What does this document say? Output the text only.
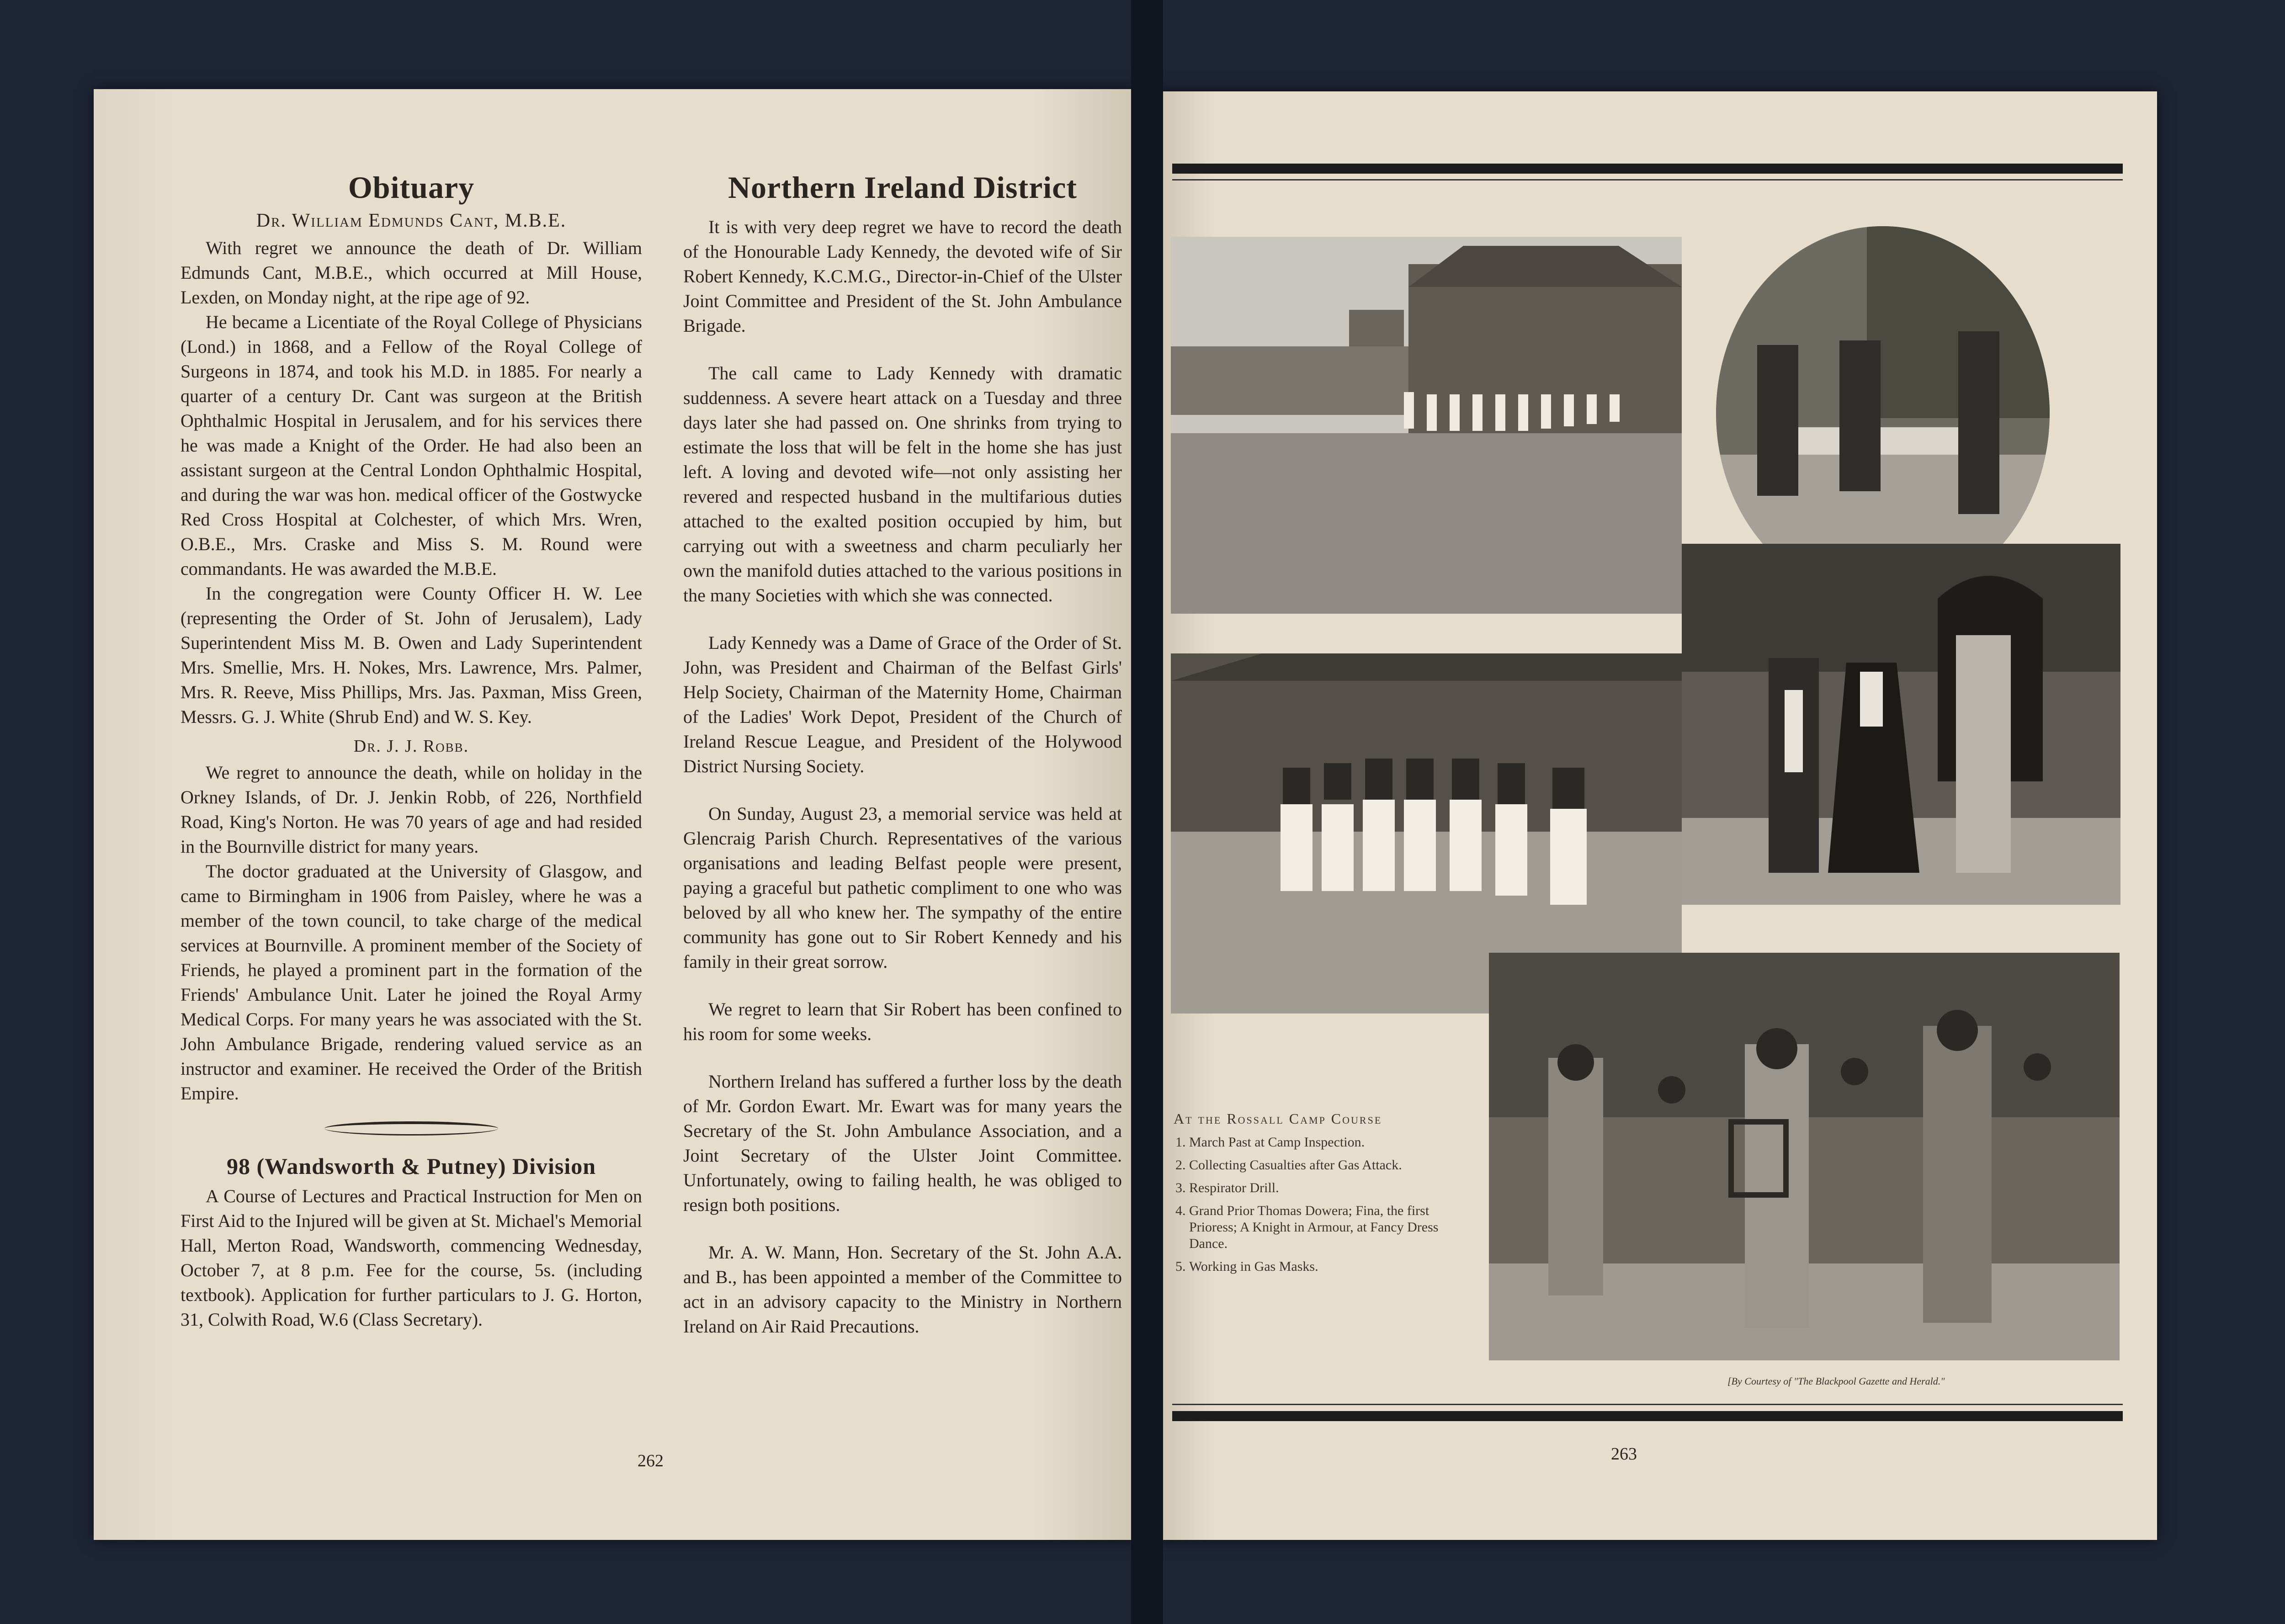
Obituary
Dr. William Edmunds Cant, M.B.E.

With regret we announce the death of Dr. William Edmunds Cant, M.B.E., which occurred at Mill House, Lexden, on Monday night, at the ripe age of 92.

He became a Licentiate of the Royal College of Physicians (Lond.) in 1868, and a Fellow of the Royal College of Surgeons in 1874, and took his M.D. in 1885. For nearly a quarter of a century Dr. Cant was surgeon at the British Ophthalmic Hospital in Jerusalem, and for his services there he was made a Knight of the Order. He had also been an assistant surgeon at the Central London Ophthalmic Hospital, and during the war was hon. medical officer of the Gostwycke Red Cross Hospital at Colchester, of which Mrs. Wren, O.B.E., Mrs. Craske and Miss S. M. Round were commandants. He was awarded the M.B.E.

In the congregation were County Officer H. W. Lee (representing the Order of St. John of Jerusalem), Lady Superintendent Miss M. B. Owen and Lady Superintendent Mrs. Smellie, Mrs. H. Nokes, Mrs. Lawrence, Mrs. Palmer, Mrs. R. Reeve, Miss Phillips, Mrs. Jas. Paxman, Miss Green, Messrs. G. J. White (Shrub End) and W. S. Key.

Dr. J. J. Robb.

We regret to announce the death, while on holiday in the Orkney Islands, of Dr. J. Jenkin Robb, of 226, Northfield Road, King's Norton. He was 70 years of age and had resided in the Bournville district for many years.

The doctor graduated at the University of Glasgow, and came to Birmingham in 1906 from Paisley, where he was a member of the town council, to take charge of the medical services at Bournville. A prominent member of the Society of Friends, he played a prominent part in the formation of the Friends' Ambulance Unit. Later he joined the Royal Army Medical Corps. For many years he was associated with the St. John Ambulance Brigade, rendering valued service as an instructor and examiner. He received the Order of the British Empire.

98 (Wandsworth & Putney) Division

A Course of Lectures and Practical Instruction for Men on First Aid to the Injured will be given at St. Michael's Memorial Hall, Merton Road, Wandsworth, commencing Wednesday, October 7, at 8 p.m. Fee for the course, 5s. (including textbook). Application for further particulars to J. G. Horton, 31, Colwith Road, W.6 (Class Secretary).

Northern Ireland District

It is with very deep regret we have to record the death of the Honourable Lady Kennedy, the devoted wife of Sir Robert Kennedy, K.C.M.G., Director-in-Chief of the Ulster Joint Committee and President of the St. John Ambulance Brigade.

The call came to Lady Kennedy with dramatic suddenness. A severe heart attack on a Tuesday and three days later she had passed on. One shrinks from trying to estimate the loss that will be felt in the home she has just left. A loving and devoted wife—not only assisting her revered and respected husband in the multifarious duties attached to the exalted position occupied by him, but carrying out with a sweetness and charm peculiarly her own the manifold duties attached to the various positions in the many Societies with which she was connected.

Lady Kennedy was a Dame of Grace of the Order of St. John, was President and Chairman of the Belfast Girls' Help Society, Chairman of the Maternity Home, Chairman of the Ladies' Work Depot, President of the Church of Ireland Rescue League, and President of the Holywood District Nursing Society.

On Sunday, August 23, a memorial service was held at Glencraig Parish Church. Representatives of the various organisations and leading Belfast people were present, paying a graceful but pathetic compliment to one who was beloved by all who knew her. The sympathy of the entire community has gone out to Sir Robert Kennedy and his family in their great sorrow.

We regret to learn that Sir Robert has been confined to his room for some weeks.

Northern Ireland has suffered a further loss by the death of Mr. Gordon Ewart. Mr. Ewart was for many years the Secretary of the St. John Ambulance Association, and a Joint Secretary of the Ulster Joint Committee. Unfortunately, owing to failing health, he was obliged to resign both positions.

Mr. A. W. Mann, Hon. Secretary of the St. John A.A. and B., has been appointed a member of the Committee to act in an advisory capacity to the Ministry in Northern Ireland on Air Raid Precautions.

262
At the Rossall Camp Course
1. March Past at Camp Inspection.
2. Collecting Casualties after Gas Attack.
3. Respirator Drill.
4. Grand Prior Thomas Dowera; Fina, the first Prioress; A Knight in Armour, at Fancy Dress Dance.
5. Working in Gas Masks.
[By Courtesy of "The Blackpool Gazette and Herald."
263
